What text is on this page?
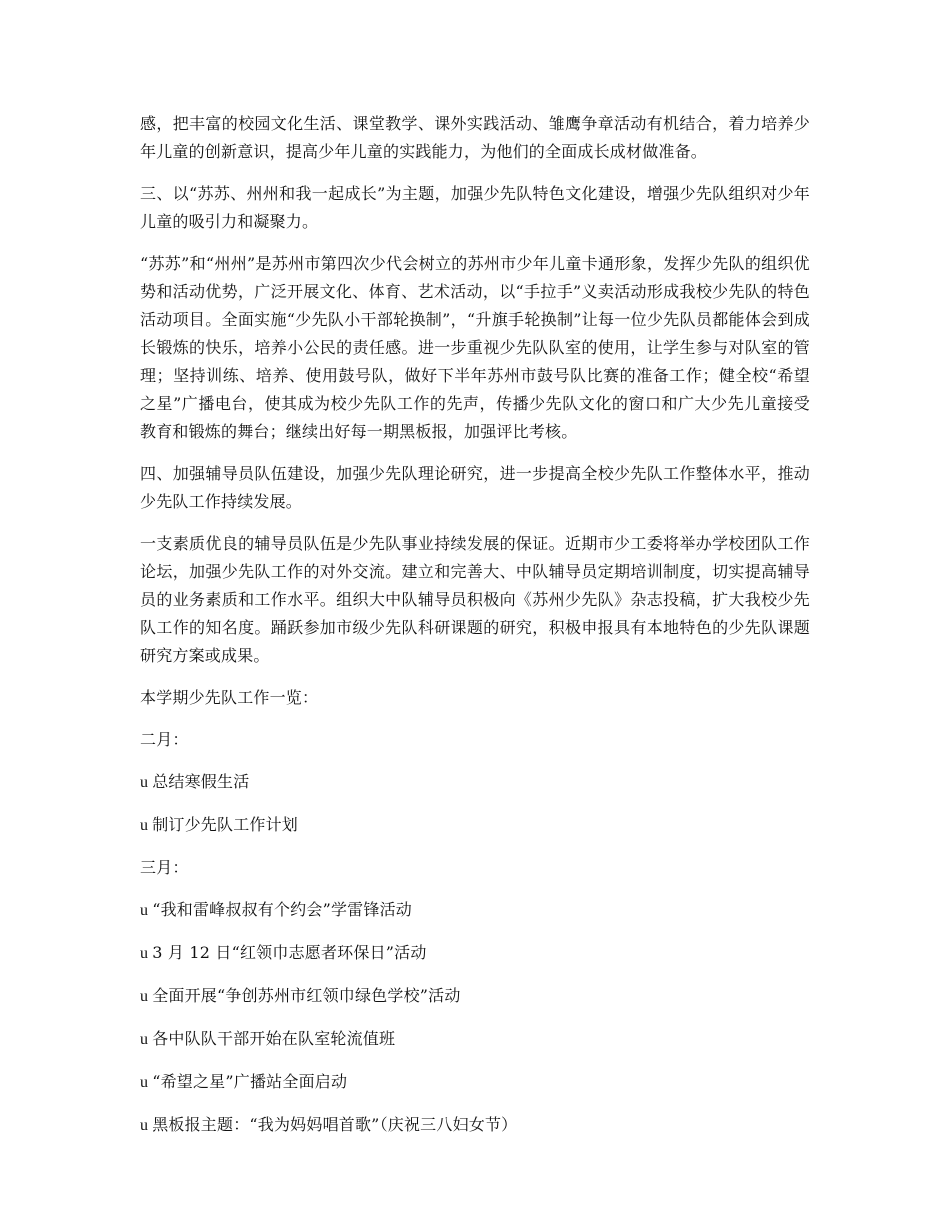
感，把丰富的校园文化生活、课堂教学、课外实践活动、雏鹰争章活动有机结合，着力培养少年儿童的创新意识，提高少年儿童的实践能力，为他们的全面成长成材做准备。

三、以“苏苏、州州和我一起成长”为主题，加强少先队特色文化建设，增强少先队组织对少年儿童的吸引力和凝聚力。

“苏苏”和“州州”是苏州市第四次少代会树立的苏州市少年儿童卡通形象，发挥少先队的组织优势和活动优势，广泛开展文化、体育、艺术活动，以“手拉手”义卖活动形成我校少先队的特色活动项目。全面实施“少先队小干部轮换制”，“升旗手轮换制”让每一位少先队员都能体会到成长锻炼的快乐，培养小公民的责任感。进一步重视少先队队室的使用，让学生参与对队室的管理；坚持训练、培养、使用鼓号队，做好下半年苏州市鼓号队比赛的准备工作；健全校“希望之星”广播电台，使其成为校少先队工作的先声，传播少先队文化的窗口和广大少先儿童接受教育和锻炼的舞台；继续出好每一期黑板报，加强评比考核。

四、加强辅导员队伍建设，加强少先队理论研究，进一步提高全校少先队工作整体水平，推动少先队工作持续发展。

一支素质优良的辅导员队伍是少先队事业持续发展的保证。近期市少工委将举办学校团队工作论坛，加强少先队工作的对外交流。建立和完善大、中队辅导员定期培训制度，切实提高辅导员的业务素质和工作水平。组织大中队辅导员积极向《苏州少先队》杂志投稿，扩大我校少先队工作的知名度。踊跃参加市级少先队科研课题的研究，积极申报具有本地特色的少先队课题研究方案或成果。

本学期少先队工作一览：

二月：

u 总结寒假生活

u 制订少先队工作计划

三月：

u “我和雷峰叔叔有个约会”学雷锋活动

u 3 月 12 日“红领巾志愿者环保日”活动

u 全面开展“争创苏州市红领巾绿色学校”活动

u 各中队队干部开始在队室轮流值班

u “希望之星”广播站全面启动

u 黑板报主题：“我为妈妈唱首歌”（庆祝三八妇女节）
